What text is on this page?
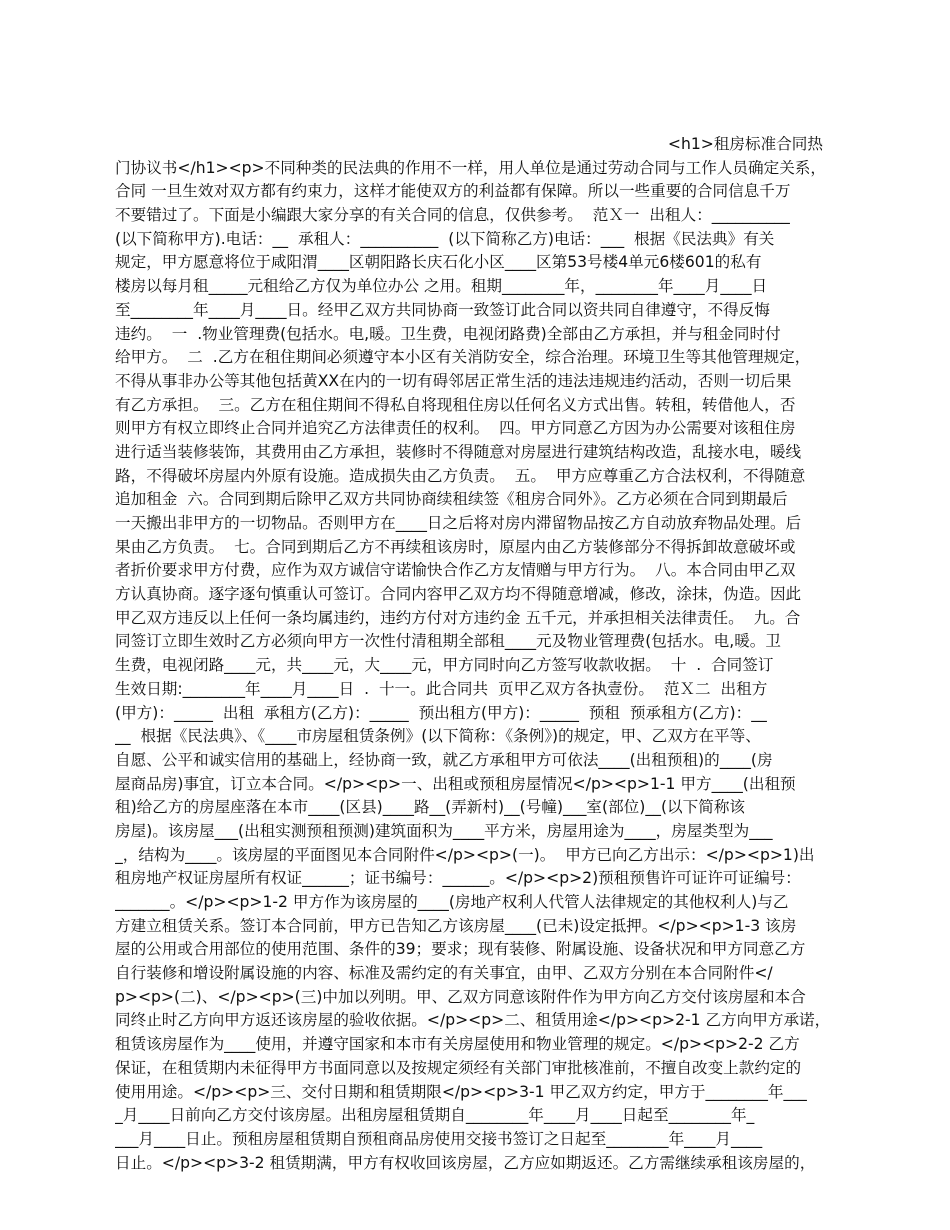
<h1>租房标准合同热
门协议书</h1><p>不同种类的民法典的作用不一样，用人单位是通过劳动合同与工作人员确定关系，
合同 一旦生效对双方都有约束力，这样才能使双方的利益都有保障。所以一些重要的合同信息千万
不要错过了。下面是小编跟大家分享的有关合同的信息，仅供参考。  范Ｘ一  出租人：__________
(以下简称甲方).电话：__  承租人：__________  (以下简称乙方)电话：___  根据《民法典》有关
规定，甲方愿意将位于咸阳渭____区朝阳路长庆石化小区____区第53号楼4单元6楼601的私有
楼房以每月租_____元租给乙方仅为单位办公 之用。租期________年，________年____月____日
至________年____月____日。经甲乙双方共同协商一致签订此合同以资共同自律遵守，不得反悔
违约。  一  .物业管理费(包括水。电,暖。卫生费，电视闭路费)全部由乙方承担，并与租金同时付
给甲方。  二  .乙方在租住期间必须遵守本小区有关消防安全，综合治理。环境卫生等其他管理规定，
不得从事非办公等其他包括黄XX在内的一切有碍邻居正常生活的违法违规违约活动，否则一切后果
有乙方承担。  三。乙方在租住期间不得私自将现租住房以任何名义方式出售。转租，转借他人，否
则甲方有权立即终止合同并追究乙方法律责任的权利。  四。甲方同意乙方因为办公需要对该租住房
进行适当装修装饰，其费用由乙方承担，装修时不得随意对房屋进行建筑结构改造，乱接水电，暖线
路，不得破坏房屋内外原有设施。造成损失由乙方负责。  五。  甲方应尊重乙方合法权利，不得随意
追加租金  六。合同到期后除甲乙双方共同协商续租续签《租房合同外》。乙方必须在合同到期最后
一天搬出非甲方的一切物品。否则甲方在____日之后将对房内滞留物品按乙方自动放弃物品处理。后
果由乙方负责。  七。合同到期后乙方不再续租该房时，原屋内由乙方装修部分不得拆卸故意破坏或
者折价要求甲方付费，应作为双方诚信守诺愉快合作乙方友情赠与甲方行为。  八。本合同由甲乙双
方认真协商。逐字逐句慎重认可签订。合同内容甲乙双方均不得随意增减，修改，涂抹，伪造。因此
甲乙双方违反以上任何一条均属违约，违约方付对方违约金 五千元，并承担相关法律责任。  九。合
同签订立即生效时乙方必须向甲方一次性付清租期全部租____元及物业管理费(包括水。电,暖。卫
生费，电视闭路____元，共____元，大____元，甲方同时向乙方签写收款收据。  十  .  合同签订
生效日期:________年____月____日  .  十一。此合同共  页甲乙双方各执壹份。  范Ｘ二  出租方
(甲方)：_____  出租  承租方(乙方)：_____  预出租方(甲方)：_____  预租  预承租方(乙方)：__
__  根据《民法典》、《____市房屋租赁条例》(以下简称：《条例》)的规定，甲、乙双方在平等、
自愿、公平和诚实信用的基础上，经协商一致，就乙方承租甲方可依法____(出租预租)的____(房
屋商品房)事宜，订立本合同。</p><p>一、出租或预租房屋情况</p><p>1-1 甲方____(出租预
租)给乙方的房屋座落在本市____(区县)____路__(弄新村)__(号幢)___室(部位)__(以下简称该
房屋)。该房屋___(出租实测预租预测)建筑面积为____平方米，房屋用途为____，房屋类型为___
_，结构为____。该房屋的平面图见本合同附件</p><p>(一)。  甲方已向乙方出示：</p><p>1)出
租房地产权证房屋所有权证______；证书编号：______。</p><p>2)预租预售许可证许可证编号：
_______。</p><p>1-2 甲方作为该房屋的____(房地产权利人代管人法律规定的其他权利人)与乙
方建立租赁关系。签订本合同前，甲方已告知乙方该房屋____(已未)设定抵押。</p><p>1-3 该房
屋的公用或合用部位的使用范围、条件的39；要求；现有装修、附属设施、设备状况和甲方同意乙方
自行装修和增设附属设施的内容、标准及需约定的有关事宜，由甲、乙双方分别在本合同附件</
p><p>(二)、</p><p>(三)中加以列明。甲、乙双方同意该附件作为甲方向乙方交付该房屋和本合
同终止时乙方向甲方返还该房屋的验收依据。</p><p>二、租赁用途</p><p>2-1 乙方向甲方承诺，
租赁该房屋作为____使用，并遵守国家和本市有关房屋使用和物业管理的规定。</p><p>2-2 乙方
保证，在租赁期内未征得甲方书面同意以及按规定须经有关部门审批核准前，不擅自改变上款约定的
使用用途。</p><p>三、交付日期和租赁期限</p><p>3-1 甲乙双方约定，甲方于________年___
_月____日前向乙方交付该房屋。出租房屋租赁期自________年____月____日起至________年_
___月____日止。预租房屋租赁期自预租商品房使用交接书签订之日起至________年____月____
日止。</p><p>3-2 租赁期满，甲方有权收回该房屋，乙方应如期返还。乙方需继续承租该房屋的，
